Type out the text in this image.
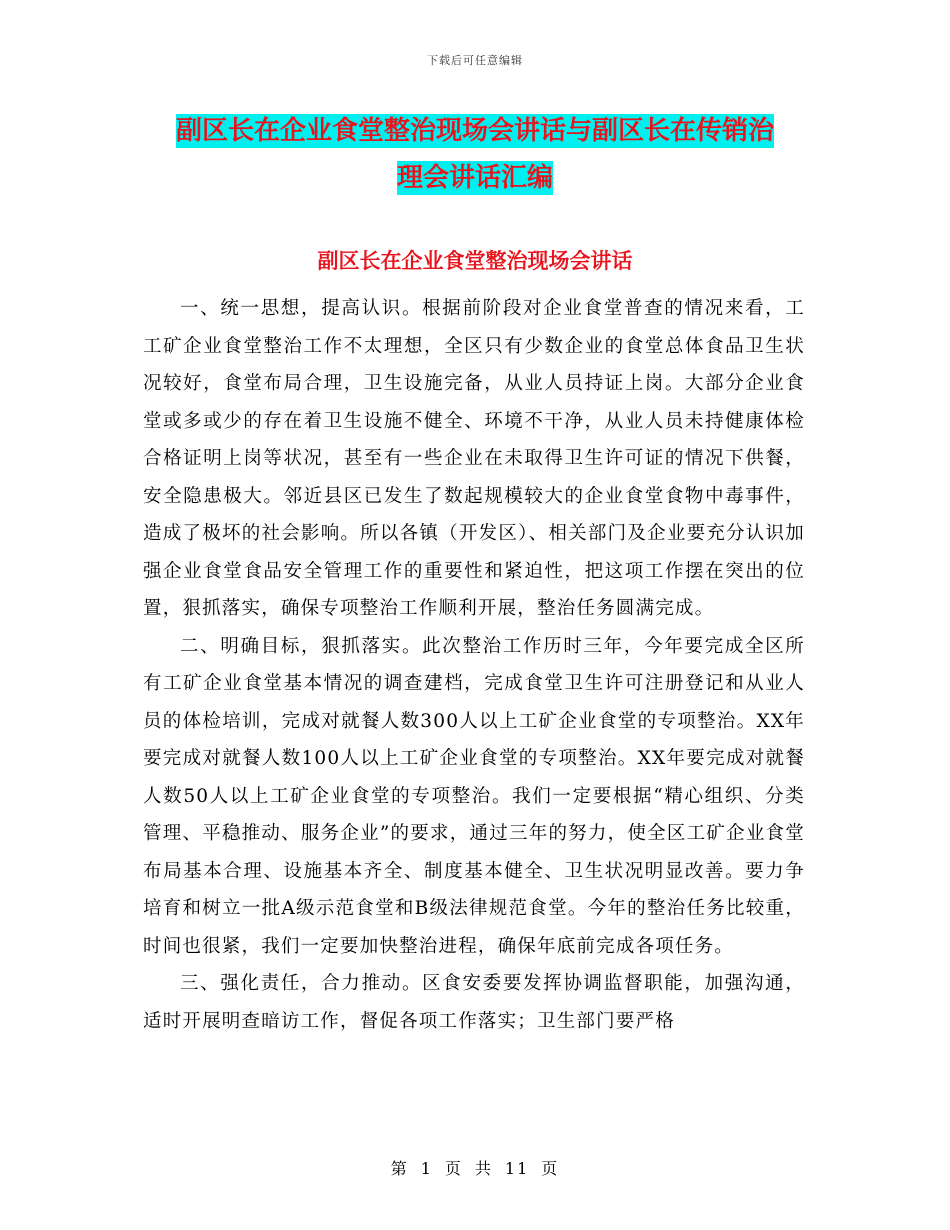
下载后可任意编辑
副区长在企业食堂整治现场会讲话与副区长在传销治
理会讲话汇编
副区长在企业食堂整治现场会讲话

一、统一思想，提高认识。根据前阶段对企业食堂普查的情况来看，工工矿企业食堂整治工作不太理想，全区只有少数企业的食堂总体食品卫生状况较好，食堂布局合理，卫生设施完备，从业人员持证上岗。大部分企业食堂或多或少的存在着卫生设施不健全、环境不干净，从业人员未持健康体检合格证明上岗等状况，甚至有一些企业在未取得卫生许可证的情况下供餐，安全隐患极大。邻近县区已发生了数起规模较大的企业食堂食物中毒事件，造成了极坏的社会影响。所以各镇（开发区）、相关部门及企业要充分认识加强企业食堂食品安全管理工作的重要性和紧迫性，把这项工作摆在突出的位置，狠抓落实，确保专项整治工作顺利开展，整治任务圆满完成。

二、明确目标，狠抓落实。此次整治工作历时三年，今年要完成全区所有工矿企业食堂基本情况的调查建档，完成食堂卫生许可注册登记和从业人员的体检培训，完成对就餐人数300人以上工矿企业食堂的专项整治。XX年要完成对就餐人数100人以上工矿企业食堂的专项整治。XX年要完成对就餐人数50人以上工矿企业食堂的专项整治。我们一定要根据“精心组织、分类管理、平稳推动、服务企业”的要求，通过三年的努力，使全区工矿企业食堂布局基本合理、设施基本齐全、制度基本健全、卫生状况明显改善。要力争培育和树立一批A级示范食堂和B级法律规范食堂。今年的整治任务比较重，时间也很紧，我们一定要加快整治进程，确保年底前完成各项任务。

三、强化责任，合力推动。区食安委要发挥协调监督职能，加强沟通，适时开展明查暗访工作，督促各项工作落实；卫生部门要严格

第 1 页 共 11 页
